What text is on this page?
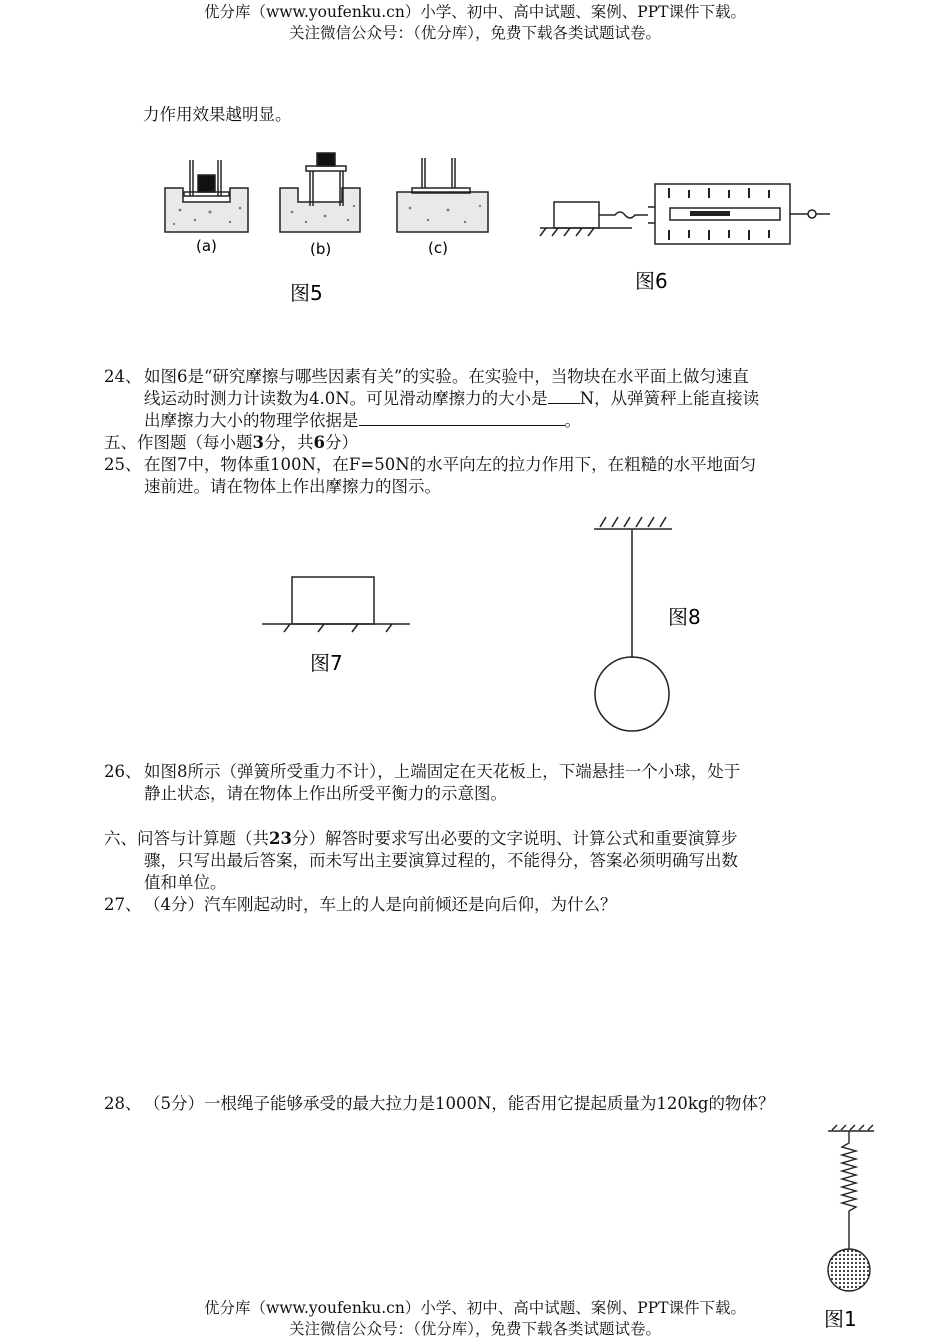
优分库（www.youfenku.cn）小学、初中、高中试题、案例、PPT课件下载。
关注微信公众号：（优分库），免费下载各类试题试卷。
力作用效果越明显。
(a)	(b)	(c)
图5	图6
24、 如图6是“研究摩擦与哪些因素有关”的实验。在实验中，当物块在水平面上做匀速直
线运动时测力计读数为4.0N。可见滑动摩擦力的大小是 N，从弹簧秤上能直接读
出摩擦力大小的物理学依据是	。
五、作图题（每小题3分，共6分）
25、 在图7中，物体重100N，在F=50N的水平向左的拉力作用下，在粗糙的水平地面匀
速前进。请在物体上作出摩擦力的图示。
图7
图8
26、 如图8所示（弹簧所受重力不计），上端固定在天花板上，下端悬挂一个小球，处于
静止状态，请在物体上作出所受平衡力的示意图。
六、问答与计算题（共23分）解答时要求写出必要的文字说明、计算公式和重要演算步
骤，只写出最后答案，而未写出主要演算过程的，不能得分，答案必须明确写出数
值和单位。
27、 （4分）汽车刚起动时，车上的人是向前倾还是向后仰，为什么？
28、 （5分）一根绳子能够承受的最大拉力是1000N，能否用它提起质量为120kg的物体？
图1
优分库（www.youfenku.cn）小学、初中、高中试题、案例、PPT课件下载。
关注微信公众号：（优分库），免费下载各类试题试卷。
